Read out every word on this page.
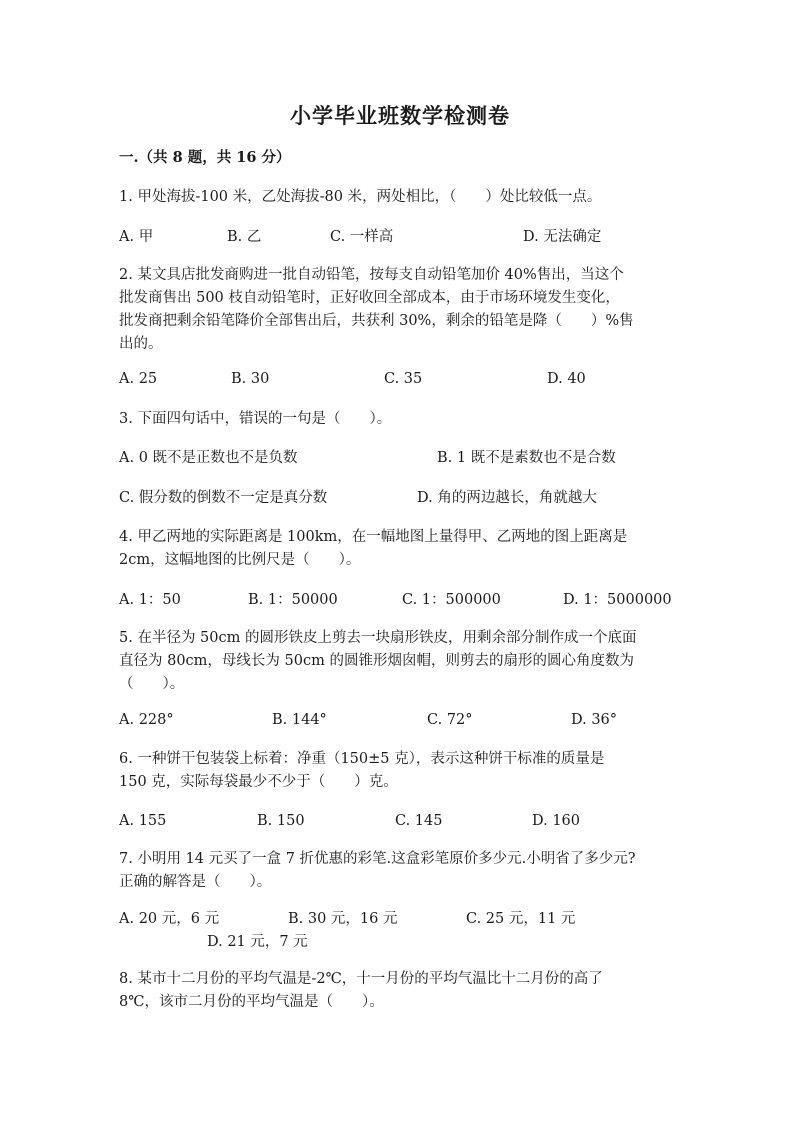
小学毕业班数学检测卷
一.（共 8 题，共 16 分）
1. 甲处海拔-100 米，乙处海拔-80 米，两处相比，（　　）处比较低一点。
A. 甲	B. 乙	C. 一样高	D. 无法确定
2. 某文具店批发商购进一批自动铅笔，按每支自动铅笔加价 40%售出，当这个
批发商售出 500 枝自动铅笔时，正好收回全部成本，由于市场环境发生变化，
批发商把剩余铅笔降价全部售出后，共获利 30%，剩余的铅笔是降（　　）%售
出的。
A. 25	B. 30	C. 35	D. 40
3. 下面四句话中，错误的一句是（　　）。
A. 0 既不是正数也不是负数	B. 1 既不是素数也不是合数
C. 假分数的倒数不一定是真分数	D. 角的两边越长，角就越大
4. 甲乙两地的实际距离是 100km，在一幅地图上量得甲、乙两地的图上距离是
2cm，这幅地图的比例尺是（　　）。
A. 1：50	B. 1：50000	C. 1：500000	D. 1：5000000
5. 在半径为 50cm 的圆形铁皮上剪去一块扇形铁皮，用剩余部分制作成一个底面
直径为 80cm，母线长为 50cm 的圆锥形烟囱帽，则剪去的扇形的圆心角度数为
（　　）。
A. 228°	B. 144°	C. 72°	D. 36°
6. 一种饼干包装袋上标着：净重（150±5 克），表示这种饼干标准的质量是
150 克，实际每袋最少不少于（　　）克。
A. 155	B. 150	C. 145	D. 160
7. 小明用 14 元买了一盒 7 折优惠的彩笔.这盒彩笔原价多少元.小明省了多少元?
正确的解答是（　　）。
A. 20 元，6 元	B. 30 元，16 元	C. 25 元，11 元
D. 21 元，7 元
8. 某市十二月份的平均气温是-2℃，十一月份的平均气温比十二月份的高了
8℃，该市二月份的平均气温是（　　）。
